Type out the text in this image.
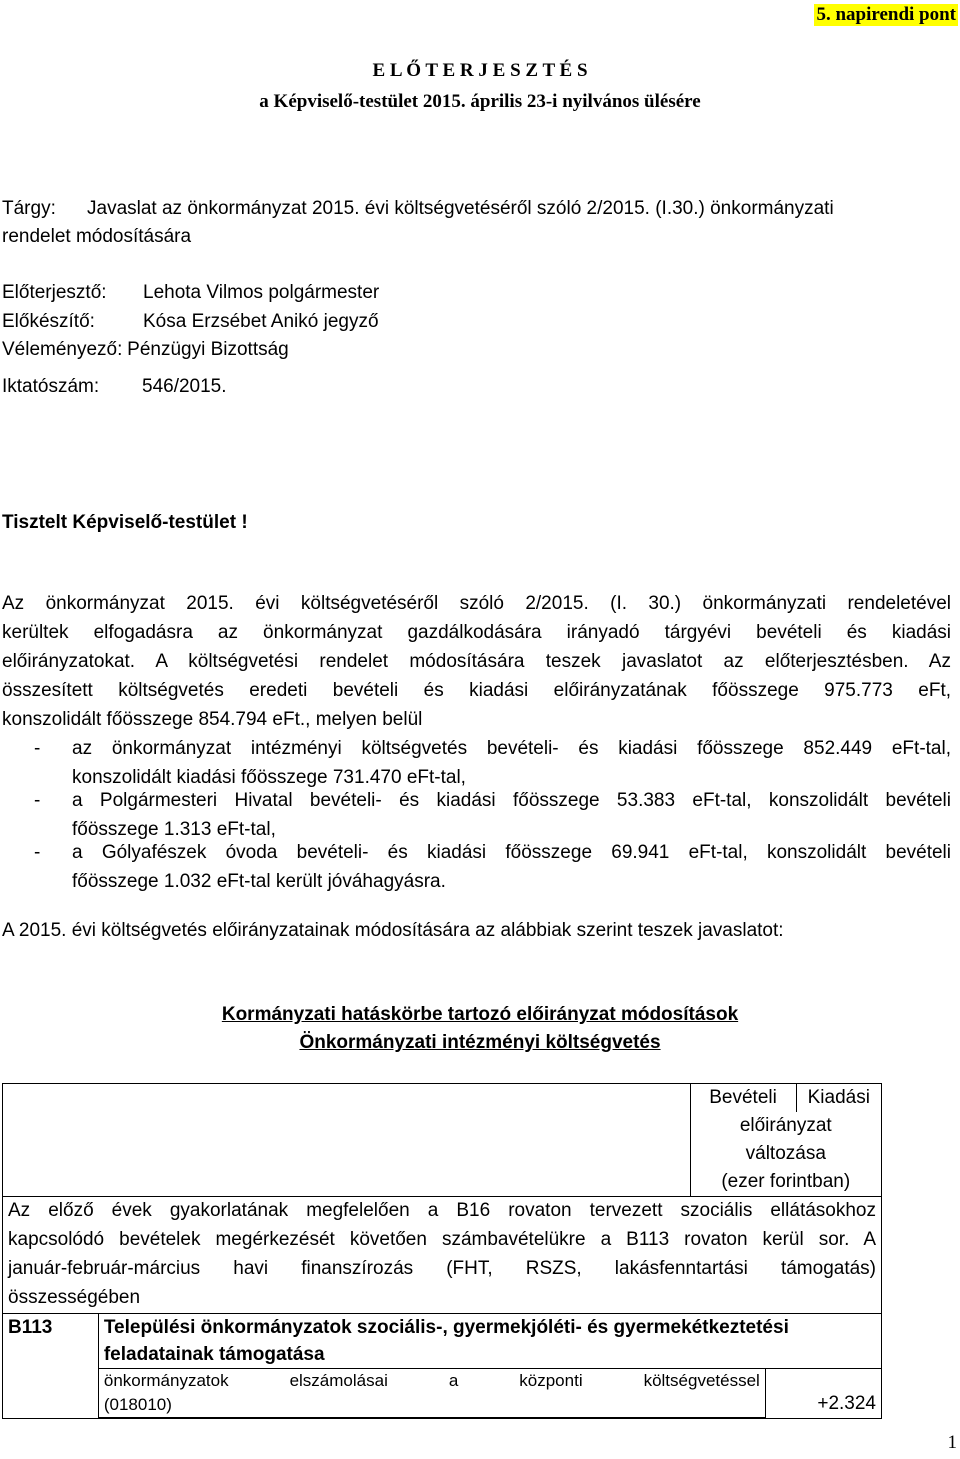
5. napirendi pont
E L Ő T E R J E S Z T É S
a Képviselő-testület 2015. április 23-i nyilvános ülésére
Tárgy: Javaslat az önkormányzat 2015. évi költségvetéséről szóló 2/2015. (I.30.) önkormányzati
rendelet módosítására
Előterjesztő: Lehota Vilmos polgármester
Előkészítő:	Kósa Erzsébet Anikó jegyző
Véleményező: Pénzügyi Bizottság
Iktatószám: 546/2015.
Tisztelt Képviselő-testület !
Az önkormányzat 2015. évi költségvetéséről szóló 2/2015. (I. 30.) önkormányzati rendeletével
kerültek elfogadásra az önkormányzat gazdálkodására irányadó tárgyévi bevételi és kiadási
előirányzatokat. A költségvetési rendelet módosítására teszek javaslatot az előterjesztésben. Az
összesített költségvetés eredeti bevételi és kiadási előirányzatának főösszege 975.773 eFt,
konszolidált főösszege 854.794 eFt., melyen belül
- az önkormányzat intézményi költségvetés bevételi- és kiadási főösszege 852.449 eFt-tal,
konszolidált kiadási főösszege 731.470 eFt-tal,
- a Polgármesteri Hivatal bevételi- és kiadási főösszege 53.383 eFt-tal, konszolidált bevételi
főösszege 1.313 eFt-tal,
- a Gólyafészek óvoda bevételi- és kiadási főösszege 69.941 eFt-tal, konszolidált bevételi
főösszege 1.032 eFt-tal került jóváhagyásra.
A 2015. évi költségvetés előirányzatainak módosítására az alábbiak szerint teszek javaslatot:
Kormányzati hatáskörbe tartozó előirányzat módosítások
Önkormányzati intézményi költségvetés
	Bevételi	Kiadási

előirányzat
változása
(ezer forintban)

Az előző évek gyakorlatának megfelelően a B16 rovaton tervezett szociális ellátásokhoz
kapcsolódó bevételek megérkezését követően számbavételükre a B113 rovaton kerül sor. A
január-február-március havi finanszírozás (FHT, RSZS, lakásfenntartási támogatás)
összességében

B113	Települési önkormányzatok szociális-, gyermekjóléti- és gyermekétkeztetési
feladatainak támogatása

önkormányzatok elszámolásai a központi költségvetéssel
(018010)	+2.324
1
